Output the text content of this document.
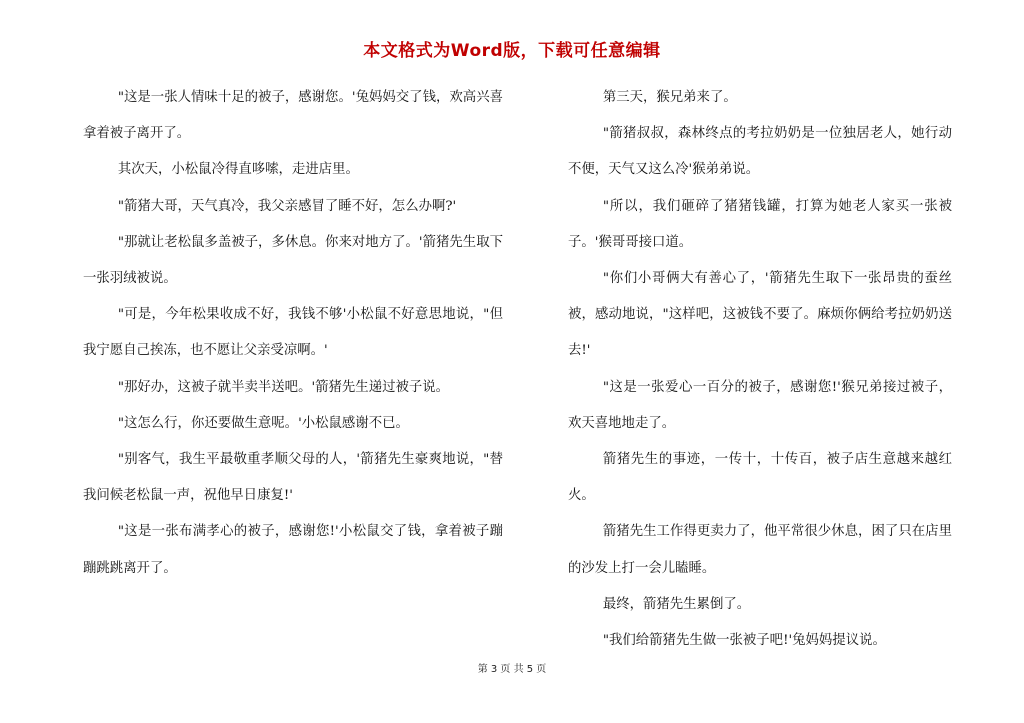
本文格式为Word版，下载可任意编辑

"这是一张人情味十足的被子，感谢您。'兔妈妈交了钱，欢高兴喜拿着被子离开了。

其次天，小松鼠冷得直哆嗦，走进店里。

"箭猪大哥，天气真冷，我父亲感冒了睡不好，怎么办啊?'

"那就让老松鼠多盖被子，多休息。你来对地方了。'箭猪先生取下一张羽绒被说。

"可是，今年松果收成不好，我钱不够'小松鼠不好意思地说，"但我宁愿自己挨冻，也不愿让父亲受凉啊。'

"那好办，这被子就半卖半送吧。'箭猪先生递过被子说。

"这怎么行，你还要做生意呢。'小松鼠感谢不已。

"别客气，我生平最敬重孝顺父母的人，'箭猪先生豪爽地说，"替我问候老松鼠一声，祝他早日康复!'

"这是一张布满孝心的被子，感谢您!'小松鼠交了钱，拿着被子蹦蹦跳跳离开了。

第三天，猴兄弟来了。

"箭猪叔叔，森林终点的考拉奶奶是一位独居老人，她行动不便，天气又这么冷'猴弟弟说。

"所以，我们砸碎了猪猪钱罐，打算为她老人家买一张被子。'猴哥哥接口道。

"你们小哥俩大有善心了，'箭猪先生取下一张昂贵的蚕丝被，感动地说，"这样吧，这被钱不要了。麻烦你俩给考拉奶奶送去!'

"这是一张爱心一百分的被子，感谢您!'猴兄弟接过被子，欢天喜地地走了。

箭猪先生的事迹，一传十，十传百，被子店生意越来越红火。

箭猪先生工作得更卖力了，他平常很少休息，困了只在店里的沙发上打一会儿瞌睡。

最终，箭猪先生累倒了。

"我们给箭猪先生做一张被子吧!'兔妈妈提议说。

第 3 页 共 5 页
